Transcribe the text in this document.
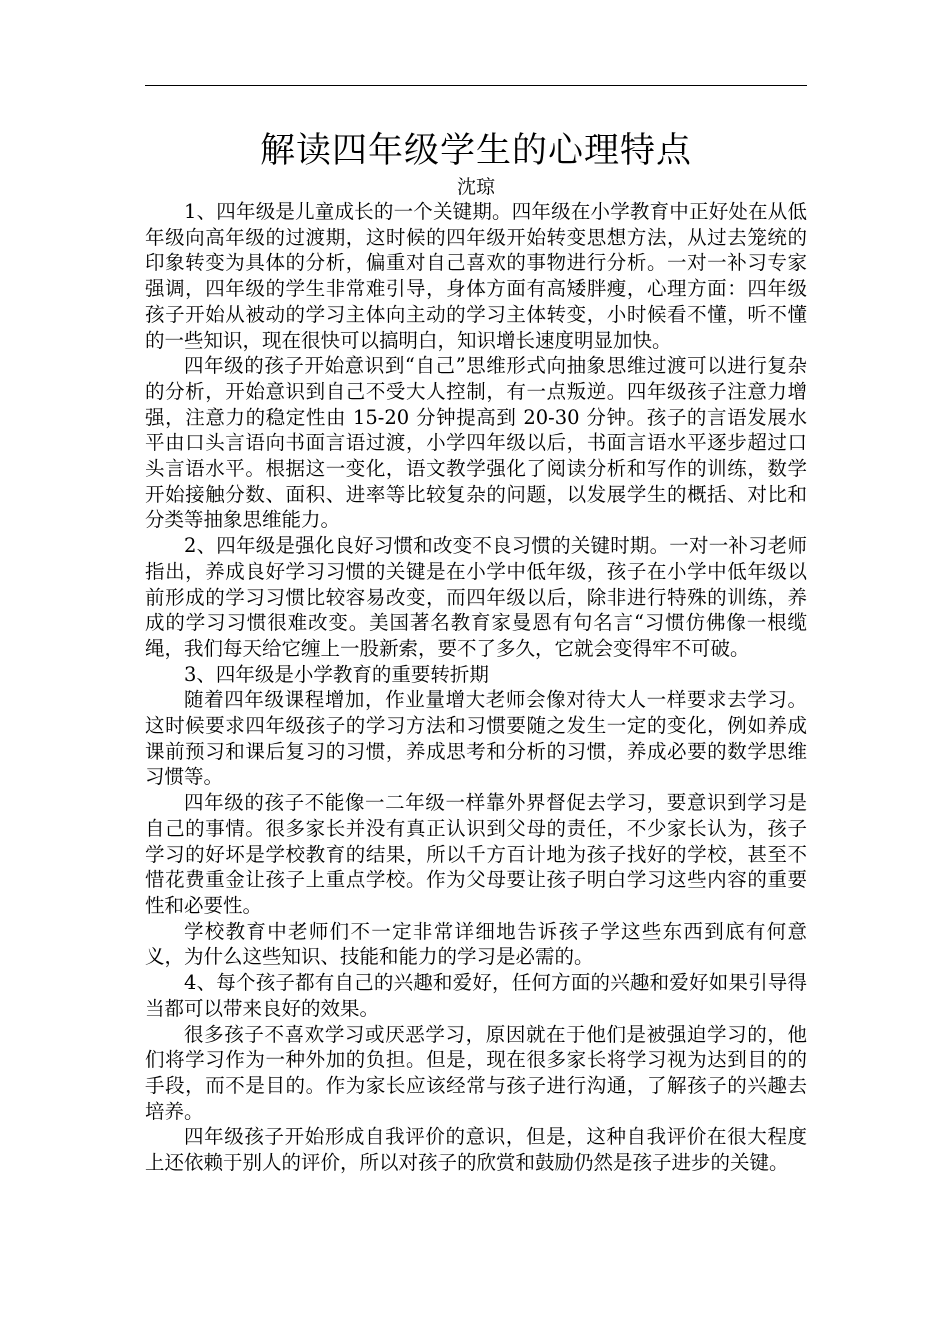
解读四年级学生的心理特点
沈琼

1、四年级是儿童成长的一个关键期。四年级在小学教育中正好处在从低年级向高年级的过渡期，这时候的四年级开始转变思想方法，从过去笼统的印象转变为具体的分析，偏重对自己喜欢的事物进行分析。一对一补习专家强调，四年级的学生非常难引导，身体方面有高矮胖瘦，心理方面：四年级孩子开始从被动的学习主体向主动的学习主体转变，小时候看不懂，听不懂的一些知识，现在很快可以搞明白，知识增长速度明显加快。

四年级的孩子开始意识到“自己”思维形式向抽象思维过渡可以进行复杂的分析，开始意识到自己不受大人控制，有一点叛逆。四年级孩子注意力增强，注意力的稳定性由 15-20 分钟提高到 20-30 分钟。孩子的言语发展水平由口头言语向书面言语过渡，小学四年级以后，书面言语水平逐步超过口头言语水平。根据这一变化，语文教学强化了阅读分析和写作的训练，数学开始接触分数、面积、进率等比较复杂的问题，以发展学生的概括、对比和分类等抽象思维能力。

2、四年级是强化良好习惯和改变不良习惯的关键时期。一对一补习老师指出，养成良好学习习惯的关键是在小学中低年级，孩子在小学中低年级以前形成的学习习惯比较容易改变，而四年级以后，除非进行特殊的训练，养成的学习习惯很难改变。美国著名教育家曼恩有句名言“习惯仿佛像一根缆绳，我们每天给它缠上一股新索，要不了多久，它就会变得牢不可破。

3、四年级是小学教育的重要转折期

随着四年级课程增加，作业量增大老师会像对待大人一样要求去学习。这时候要求四年级孩子的学习方法和习惯要随之发生一定的变化，例如养成课前预习和课后复习的习惯，养成思考和分析的习惯，养成必要的数学思维习惯等。

四年级的孩子不能像一二年级一样靠外界督促去学习，要意识到学习是自己的事情。很多家长并没有真正认识到父母的责任，不少家长认为，孩子学习的好坏是学校教育的结果，所以千方百计地为孩子找好的学校，甚至不惜花费重金让孩子上重点学校。作为父母要让孩子明白学习这些内容的重要性和必要性。

学校教育中老师们不一定非常详细地告诉孩子学这些东西到底有何意义，为什么这些知识、技能和能力的学习是必需的。

4、每个孩子都有自己的兴趣和爱好，任何方面的兴趣和爱好如果引导得当都可以带来良好的效果。

很多孩子不喜欢学习或厌恶学习，原因就在于他们是被强迫学习的，他们将学习作为一种外加的负担。但是，现在很多家长将学习视为达到目的的手段，而不是目的。作为家长应该经常与孩子进行沟通，了解孩子的兴趣去培养。

四年级孩子开始形成自我评价的意识，但是，这种自我评价在很大程度上还依赖于别人的评价，所以对孩子的欣赏和鼓励仍然是孩子进步的关键。
